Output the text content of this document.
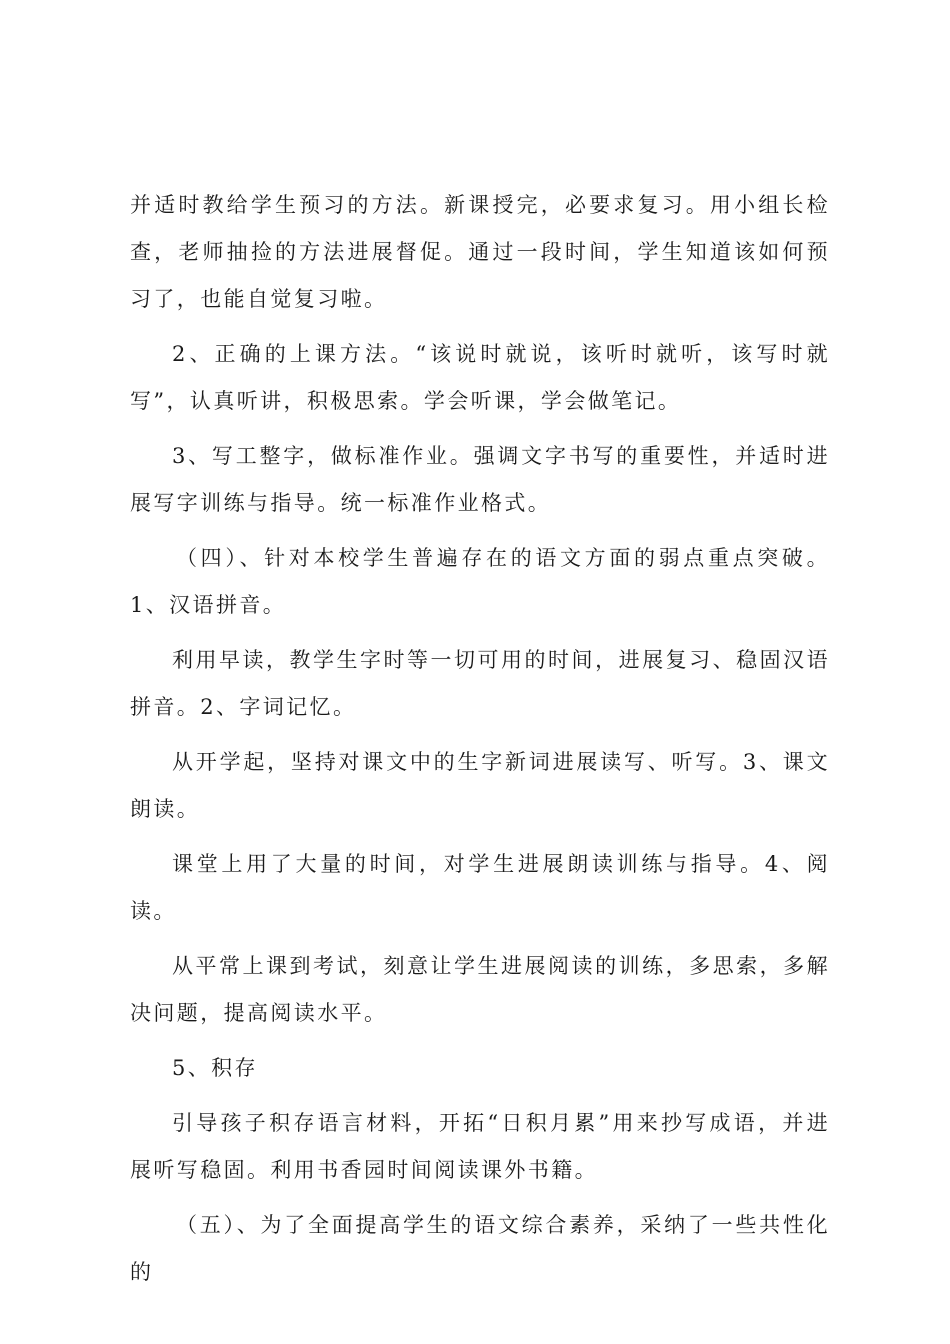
并适时教给学生预习的方法。新课授完，必要求复习。用小组长检查，老师抽捡的方法进展督促。通过一段时间，学生知道该如何预习了，也能自觉复习啦。

2、正确的上课方法。“该说时就说，该听时就听，该写时就写”，认真听讲，积极思索。学会听课，学会做笔记。

3、写工整字，做标准作业。强调文字书写的重要性，并适时进展写字训练与指导。统一标准作业格式。

（四）、针对本校学生普遍存在的语文方面的弱点重点突破。1、汉语拼音。

利用早读，教学生字时等一切可用的时间，进展复习、稳固汉语拼音。2、字词记忆。

从开学起，坚持对课文中的生字新词进展读写、听写。3、课文朗读。

课堂上用了大量的时间，对学生进展朗读训练与指导。4、阅读。

从平常上课到考试，刻意让学生进展阅读的训练，多思索，多解决问题，提高阅读水平。

5、积存

引导孩子积存语言材料，开拓“日积月累”用来抄写成语，并进展听写稳固。利用书香园时间阅读课外书籍。

（五）、为了全面提高学生的语文综合素养，采纳了一些共性化的
